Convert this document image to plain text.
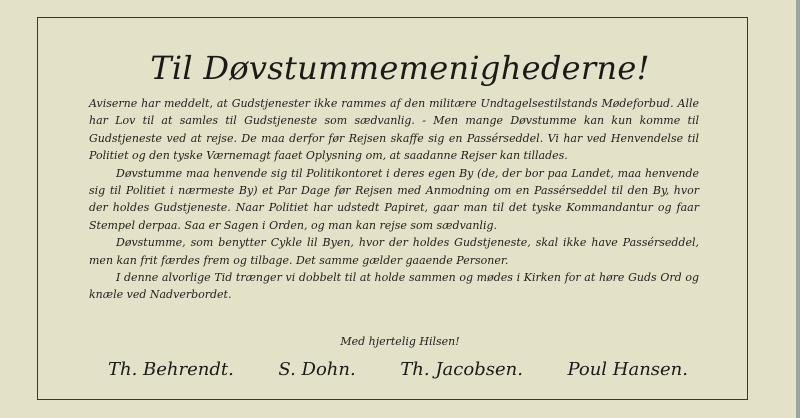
Til Døvstummemenighederne!

Aviserne har meddelt, at Gudstjenester ikke rammes af den militære Undtagelsestilstands Mødeforbud. Alle har Lov til at samles til Gudstjeneste som sædvanlig. - Men mange Døvstumme kan kun komme til Gudstjeneste ved at rejse. De maa derfor før Rejsen skaffe sig en Passérseddel. Vi har ved Henvendelse til Politiet og den tyske Værnemagt faaet Oplysning om, at saadanne Rejser kan tillades.

Døvstumme maa henvende sig til Politikontoret i deres egen By (de, der bor paa Landet, maa henvende sig til Politiet i nærmeste By) et Par Dage før Rejsen med Anmodning om en Passérseddel til den By, hvor der holdes Gudstjeneste. Naar Politiet har udstedt Papiret, gaar man til det tyske Kommandantur og faar Stempel derpaa. Saa er Sagen i Orden, og man kan rejse som sædvanlig.

Døvstumme, som benytter Cykle lil Byen, hvor der holdes Gudstjeneste, skal ikke have Passérseddel, men kan frit færdes frem og tilbage. Det samme gælder gaaende Personer.

I denne alvorlige Tid trænger vi dobbelt til at holde sammen og mødes i Kirken for at høre Guds Ord og knæle ved Nadverbordet.

Med hjertelig Hilsen!
Th. Behrendt. S. Dohn. Th. Jacobsen. Poul Hansen.
